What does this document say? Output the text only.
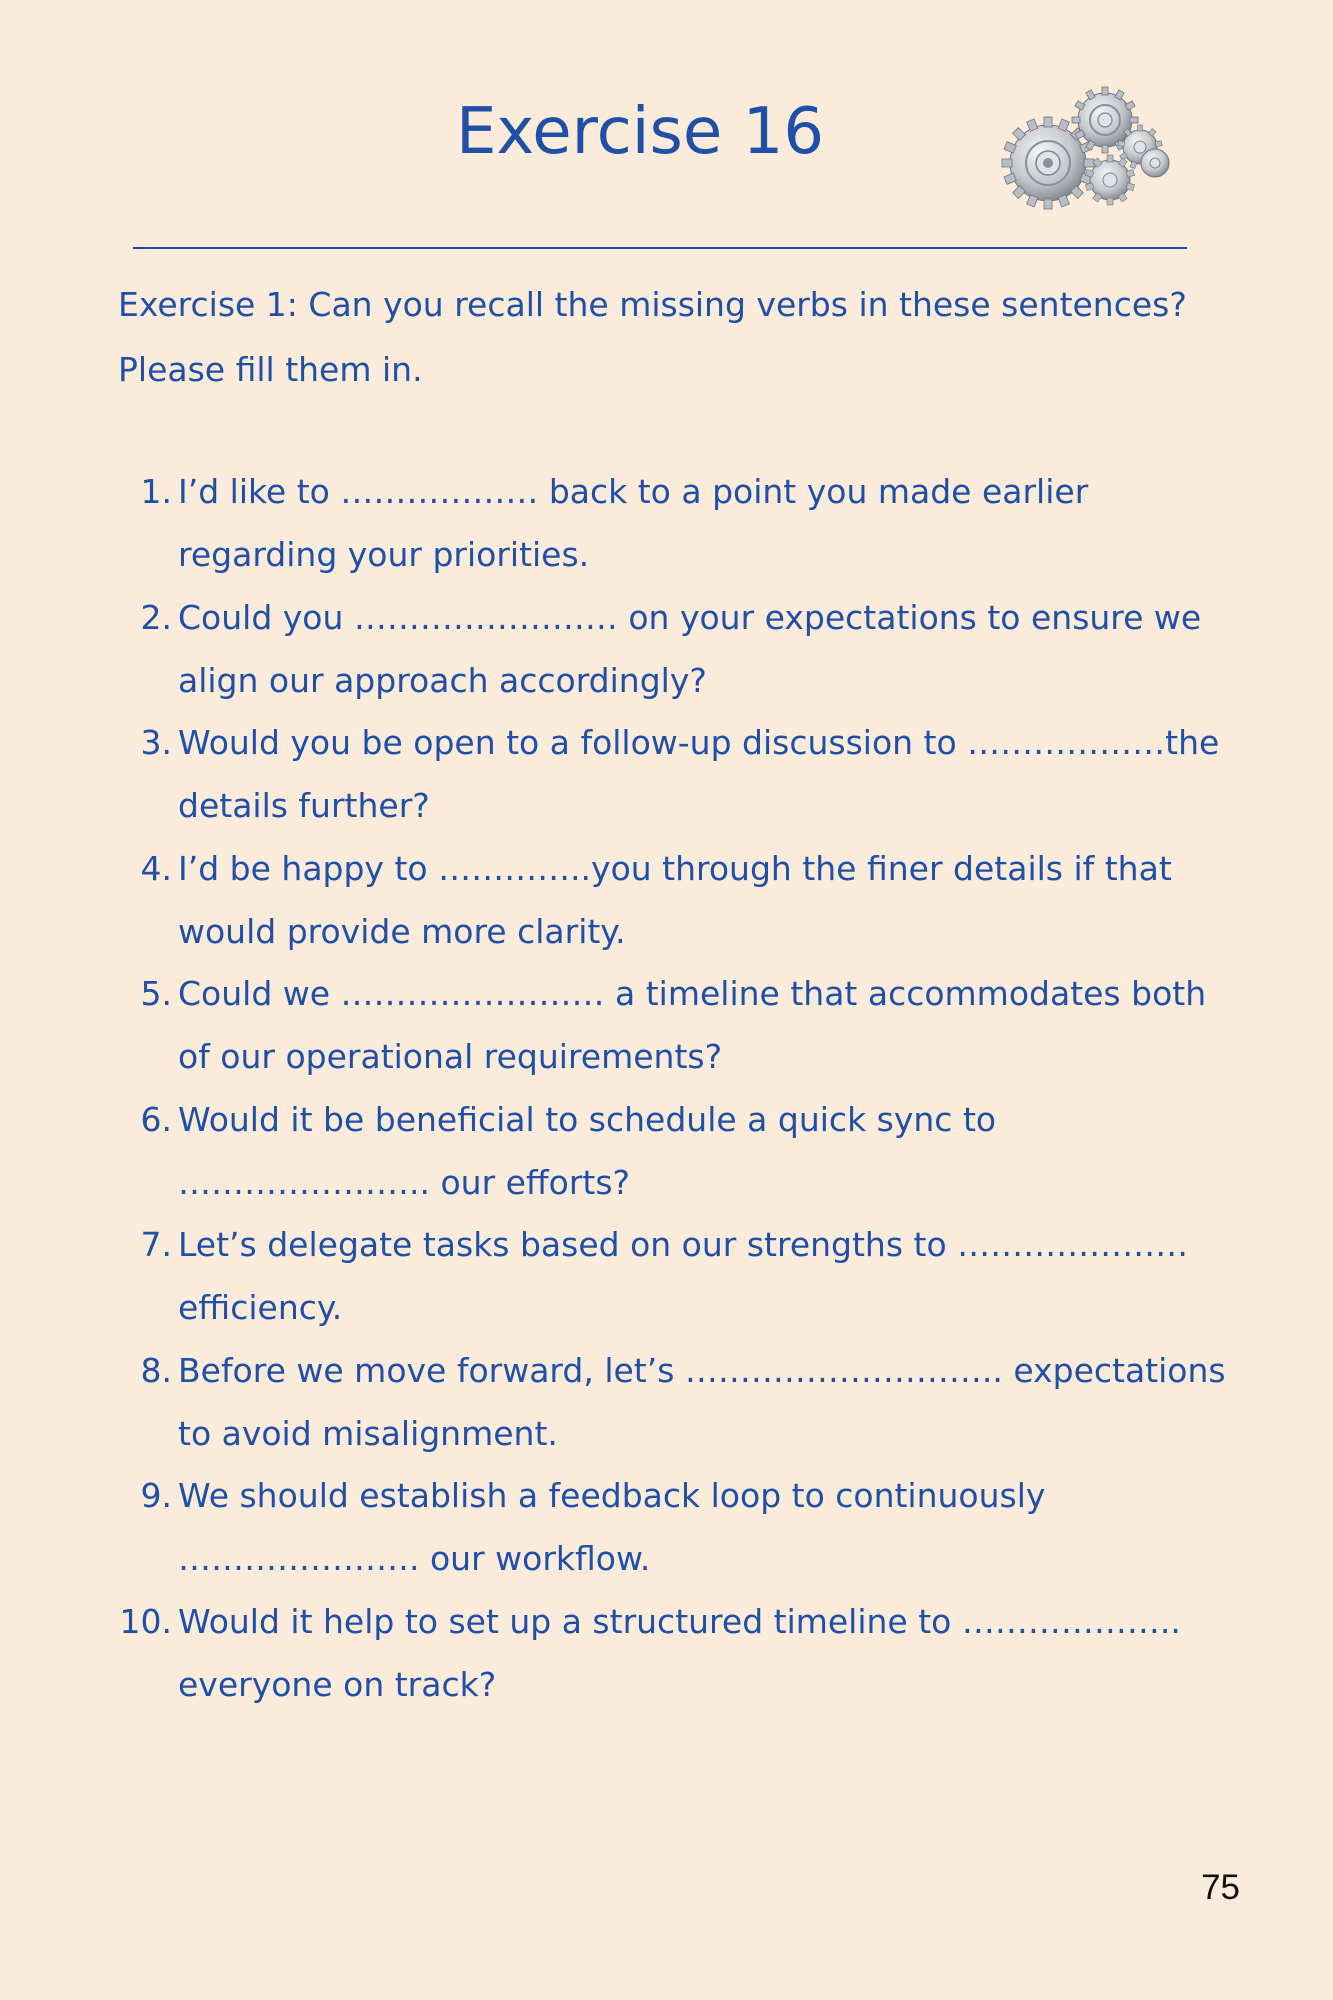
Exercise 16
Exercise 1: Can you recall the missing verbs in these sentences?
Please fill them in.
1. I’d like to ……………… back to a point you made earlier regarding your priorities.
2. Could you …………………… on your expectations to ensure we align our approach accordingly?
3. Would you be open to a follow-up discussion to ………………the details further?
4. I’d be happy to …………..you through the finer details if that would provide more clarity.
5. Could we …………………… a timeline that accommodates both of our operational requirements?
6. Would it be beneficial to schedule a quick sync to ………………….. our efforts?
7. Let’s delegate tasks based on our strengths to ………………… efficiency.
8. Before we move forward, let’s ……………………….. expectations to avoid misalignment.
9. We should establish a feedback loop to continuously …………………. our workflow.
10. Would it help to set up a structured timeline to ……………….. everyone on track?
75
